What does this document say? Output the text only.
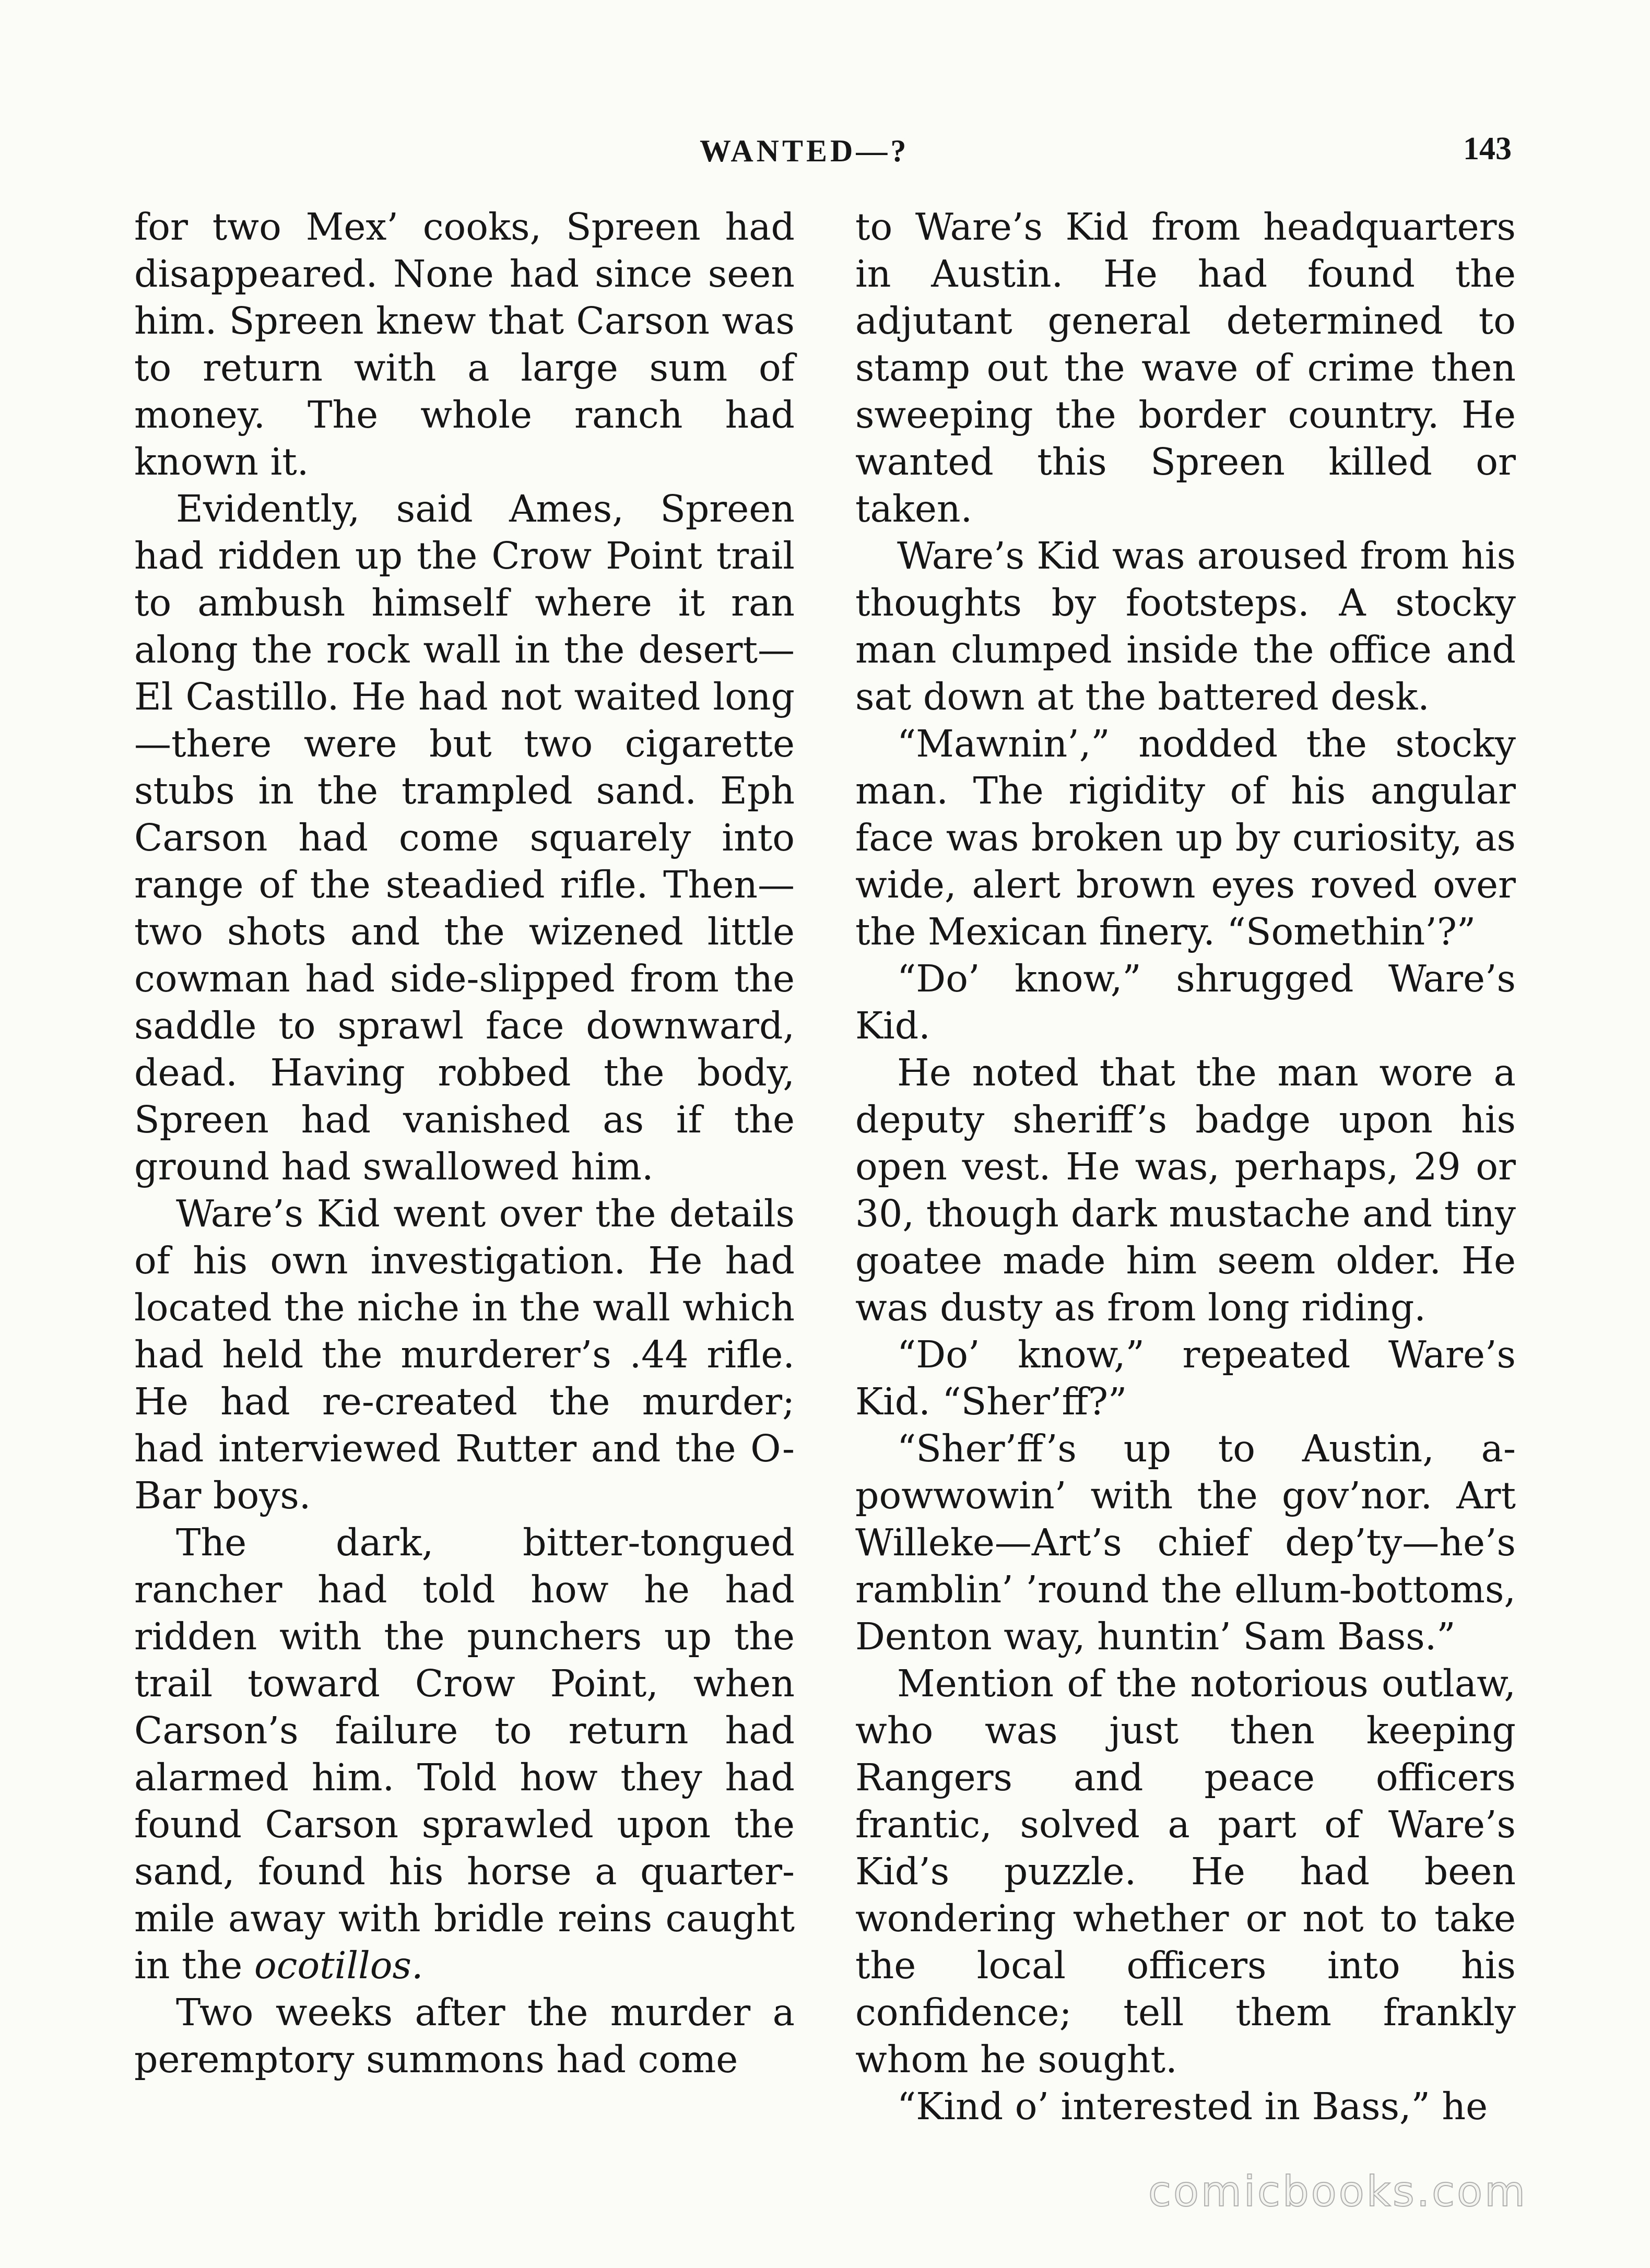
WANTED—?	143

for two Mex’ cooks, Spreen had disappeared. None had since seen him. Spreen knew that Carson was to return with a large sum of money. The whole ranch had known it.

Evidently, said Ames, Spreen had ridden up the Crow Point trail to ambush himself where it ran along the rock wall in the desert—El Castillo. He had not waited long—there were but two cigarette stubs in the trampled sand. Eph Carson had come squarely into range of the steadied rifle. Then—two shots and the wizened little cowman had side-slipped from the saddle to sprawl face downward, dead. Having robbed the body, Spreen had vanished as if the ground had swallowed him.

Ware’s Kid went over the details of his own investigation. He had located the niche in the wall which had held the murderer’s .44 rifle. He had re-created the murder; had interviewed Rutter and the O-Bar boys.

The dark, bitter-tongued rancher had told how he had ridden with the punchers up the trail toward Crow Point, when Carson’s failure to return had alarmed him. Told how they had found Carson sprawled upon the sand, found his horse a quarter-mile away with bridle reins caught in the ocotillos.

Two weeks after the murder a peremptory summons had come

to Ware’s Kid from headquarters in Austin. He had found the adjutant general determined to stamp out the wave of crime then sweeping the border country. He wanted this Spreen killed or taken.

Ware’s Kid was aroused from his thoughts by footsteps. A stocky man clumped inside the office and sat down at the battered desk.

“Mawnin’,” nodded the stocky man. The rigidity of his angular face was broken up by curiosity, as wide, alert brown eyes roved over the Mexican finery. “Somethin’?”

“Do’ know,” shrugged Ware’s Kid.

He noted that the man wore a deputy sheriff’s badge upon his open vest. He was, perhaps, 29 or 30, though dark mustache and tiny goatee made him seem older. He was dusty as from long riding.

“Do’ know,” repeated Ware’s Kid. “Sher’ff?”

“Sher’ff’s up to Austin, a-powwowin’ with the gov’nor. Art Willeke—Art’s chief dep’ty—he’s ramblin’ ’round the ellum-bottoms, Denton way, huntin’ Sam Bass.”

Mention of the notorious outlaw, who was just then keeping Rangers and peace officers frantic, solved a part of Ware’s Kid’s puzzle. He had been wondering whether or not to take the local officers into his confidence; tell them frankly whom he sought.

“Kind o’ interested in Bass,” he

comicbooks.com
